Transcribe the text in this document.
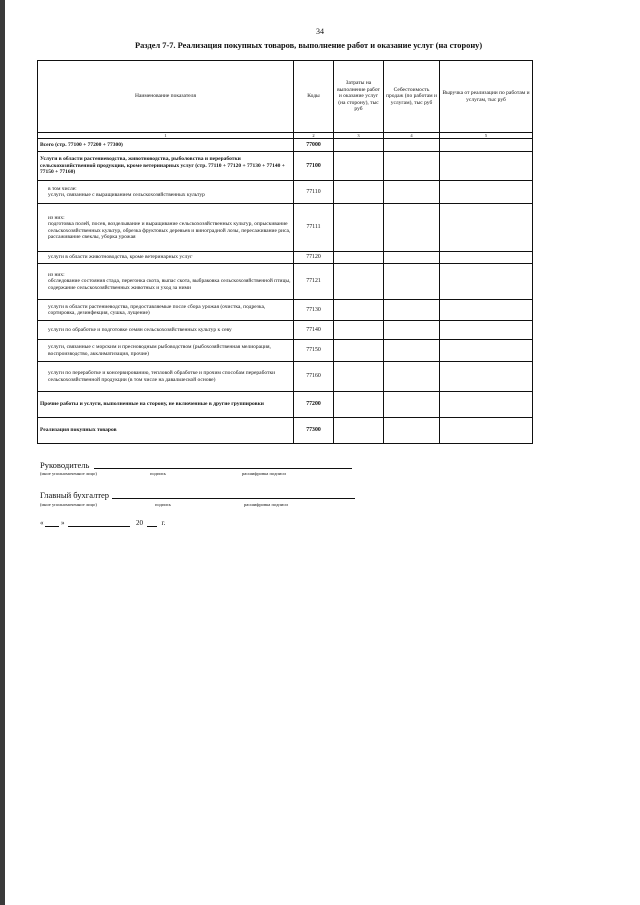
34
Раздел 7-7. Реализация покупных товаров, выполнение работ и оказание услуг (на сторону)
Наименование показателя	Коды	Затраты на выполнение работ и оказание услуг (на сторону), тыс руб	Себестоимость продаж (по работам и услугам), тыс руб	Выручка от реализации по работам и услугам, тыс руб
1	2	3	4	5
Всего (стр. 77100 + 77200 + 77300)	77000			
Услуги в области растениеводства, животноводства, рыболовства и переработки сельскохозяйственной продукции, кроме ветеринарных услуг (стр. 77110 + 77120 + 77130 + 77140 + 77150 + 77160)	77100			

в том числе:
услуги, связанные с выращиванием сельскохозяйственных культур	77110			

из них:
подготовка полей, посев, возделывание и выращивание сельскохозяйственных культур, опрыскивание сельскохозяйственных культур, обрезка фруктовых деревьев и виноградной лозы, пересаживание риса, рассаживание свеклы, уборка урожая	77111			
услуги в области животноводства, кроме ветеринарных услуг	77120			

из них:
обследование состояния стада, перегонка скота, выпас скота, выбраковка сельскохозяйственной птицы, содержание сельскохозяйственных животных и уход за ними	77121			
услуги в области растениеводства, предоставляемые после сбора урожая (очистка, подрезка, сортировка, дезинфекция, сушка, лущение)	77130			
услуги по обработке и подготовке семян сельскохозяйственных культур к севу	77140			
услуги, связанные с морским и пресноводным рыбоводством (рыбохозяйственная мелиорация, воспроизводство, акклиматизация, прочие)	77150			
услуги по переработке и консервированию, тепловой обработке и прочим способам переработки сельскохозяйственной продукции (в том числе на давальческой основе)	77160			
Прочие работы и услуги, выполненные на сторону, не включенные в другие группировки	77200			
Реализация покупных товаров	77300			
Руководитель
(иное уполномоченное лицо)	подпись	расшифровка подписи
Главный бухгалтер
(иное уполномоченное лицо)	подпись	расшифровка подписи
«	»	20	г.
